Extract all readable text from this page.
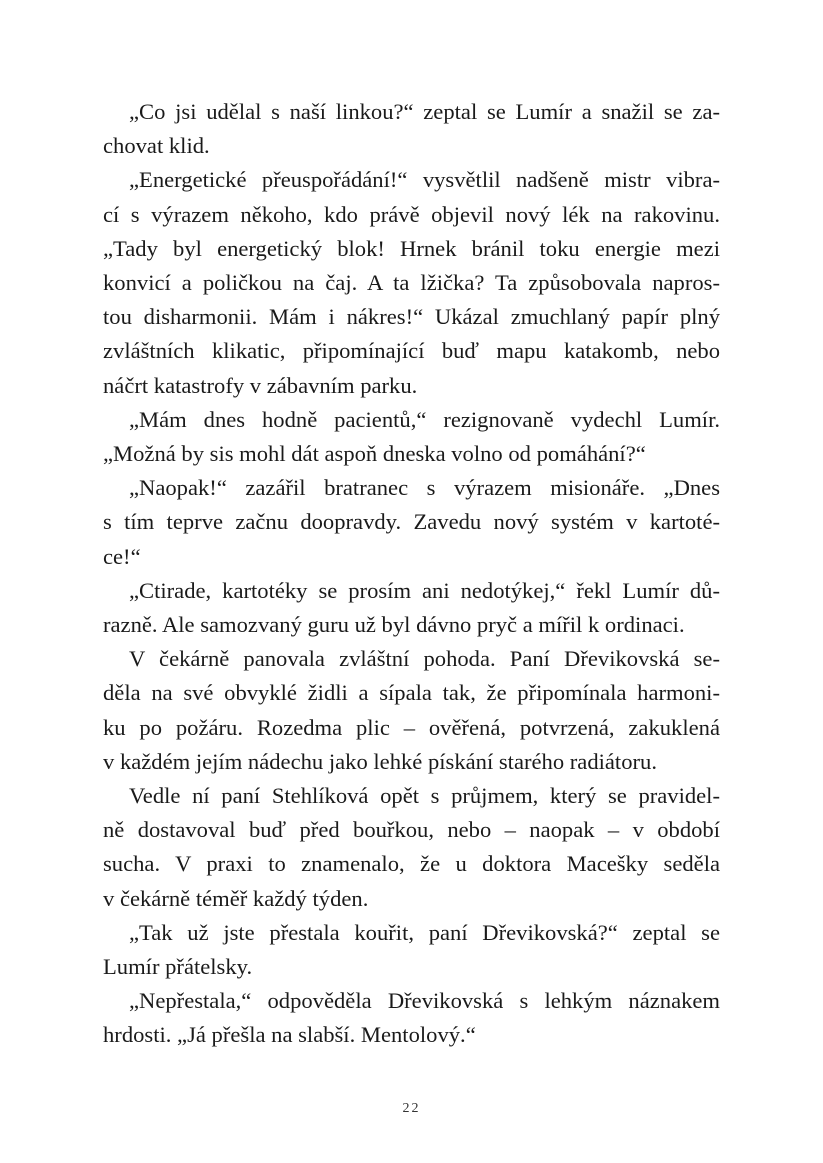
„Co jsi udělal s naší linkou?“ zeptal se Lumír a snažil se za-
chovat klid.

„Energetické přeuspořádání!“ vysvětlil nadšeně mistr vibra-
cí s výrazem někoho, kdo právě objevil nový lék na rakovinu.
„Tady byl energetický blok! Hrnek bránil toku energie mezi
konvicí a poličkou na čaj. A ta lžička? Ta způsobovala napros-
tou disharmonii. Mám i nákres!“ Ukázal zmuchlaný papír plný
zvláštních klikatic, připomínající buď mapu katakomb, nebo
náčrt katastrofy v zábavním parku.

„Mám dnes hodně pacientů,“ rezignovaně vydechl Lumír.
„Možná by sis mohl dát aspoň dneska volno od pomáhání?“

„Naopak!“ zazářil bratranec s výrazem misionáře. „Dnes
s tím teprve začnu doopravdy. Zavedu nový systém v kartoté-
ce!“

„Ctirade, kartotéky se prosím ani nedotýkej,“ řekl Lumír dů-
razně. Ale samozvaný guru už byl dávno pryč a mířil k ordinaci.

V čekárně panovala zvláštní pohoda. Paní Dřevikovská se-
děla na své obvyklé židli a sípala tak, že připomínala harmoni-
ku po požáru. Rozedma plic – ověřená, potvrzená, zakuklená
v každém jejím nádechu jako lehké pískání starého radiátoru.

Vedle ní paní Stehlíková opět s průjmem, který se pravidel-
ně dostavoval buď před bouřkou, nebo – naopak – v období
sucha. V praxi to znamenalo, že u doktora Macešky seděla
v čekárně téměř každý týden.

„Tak už jste přestala kouřit, paní Dřevikovská?“ zeptal se
Lumír přátelsky.

„Nepřestala,“ odpověděla Dřevikovská s lehkým náznakem
hrdosti. „Já přešla na slabší. Mentolový.“

22
